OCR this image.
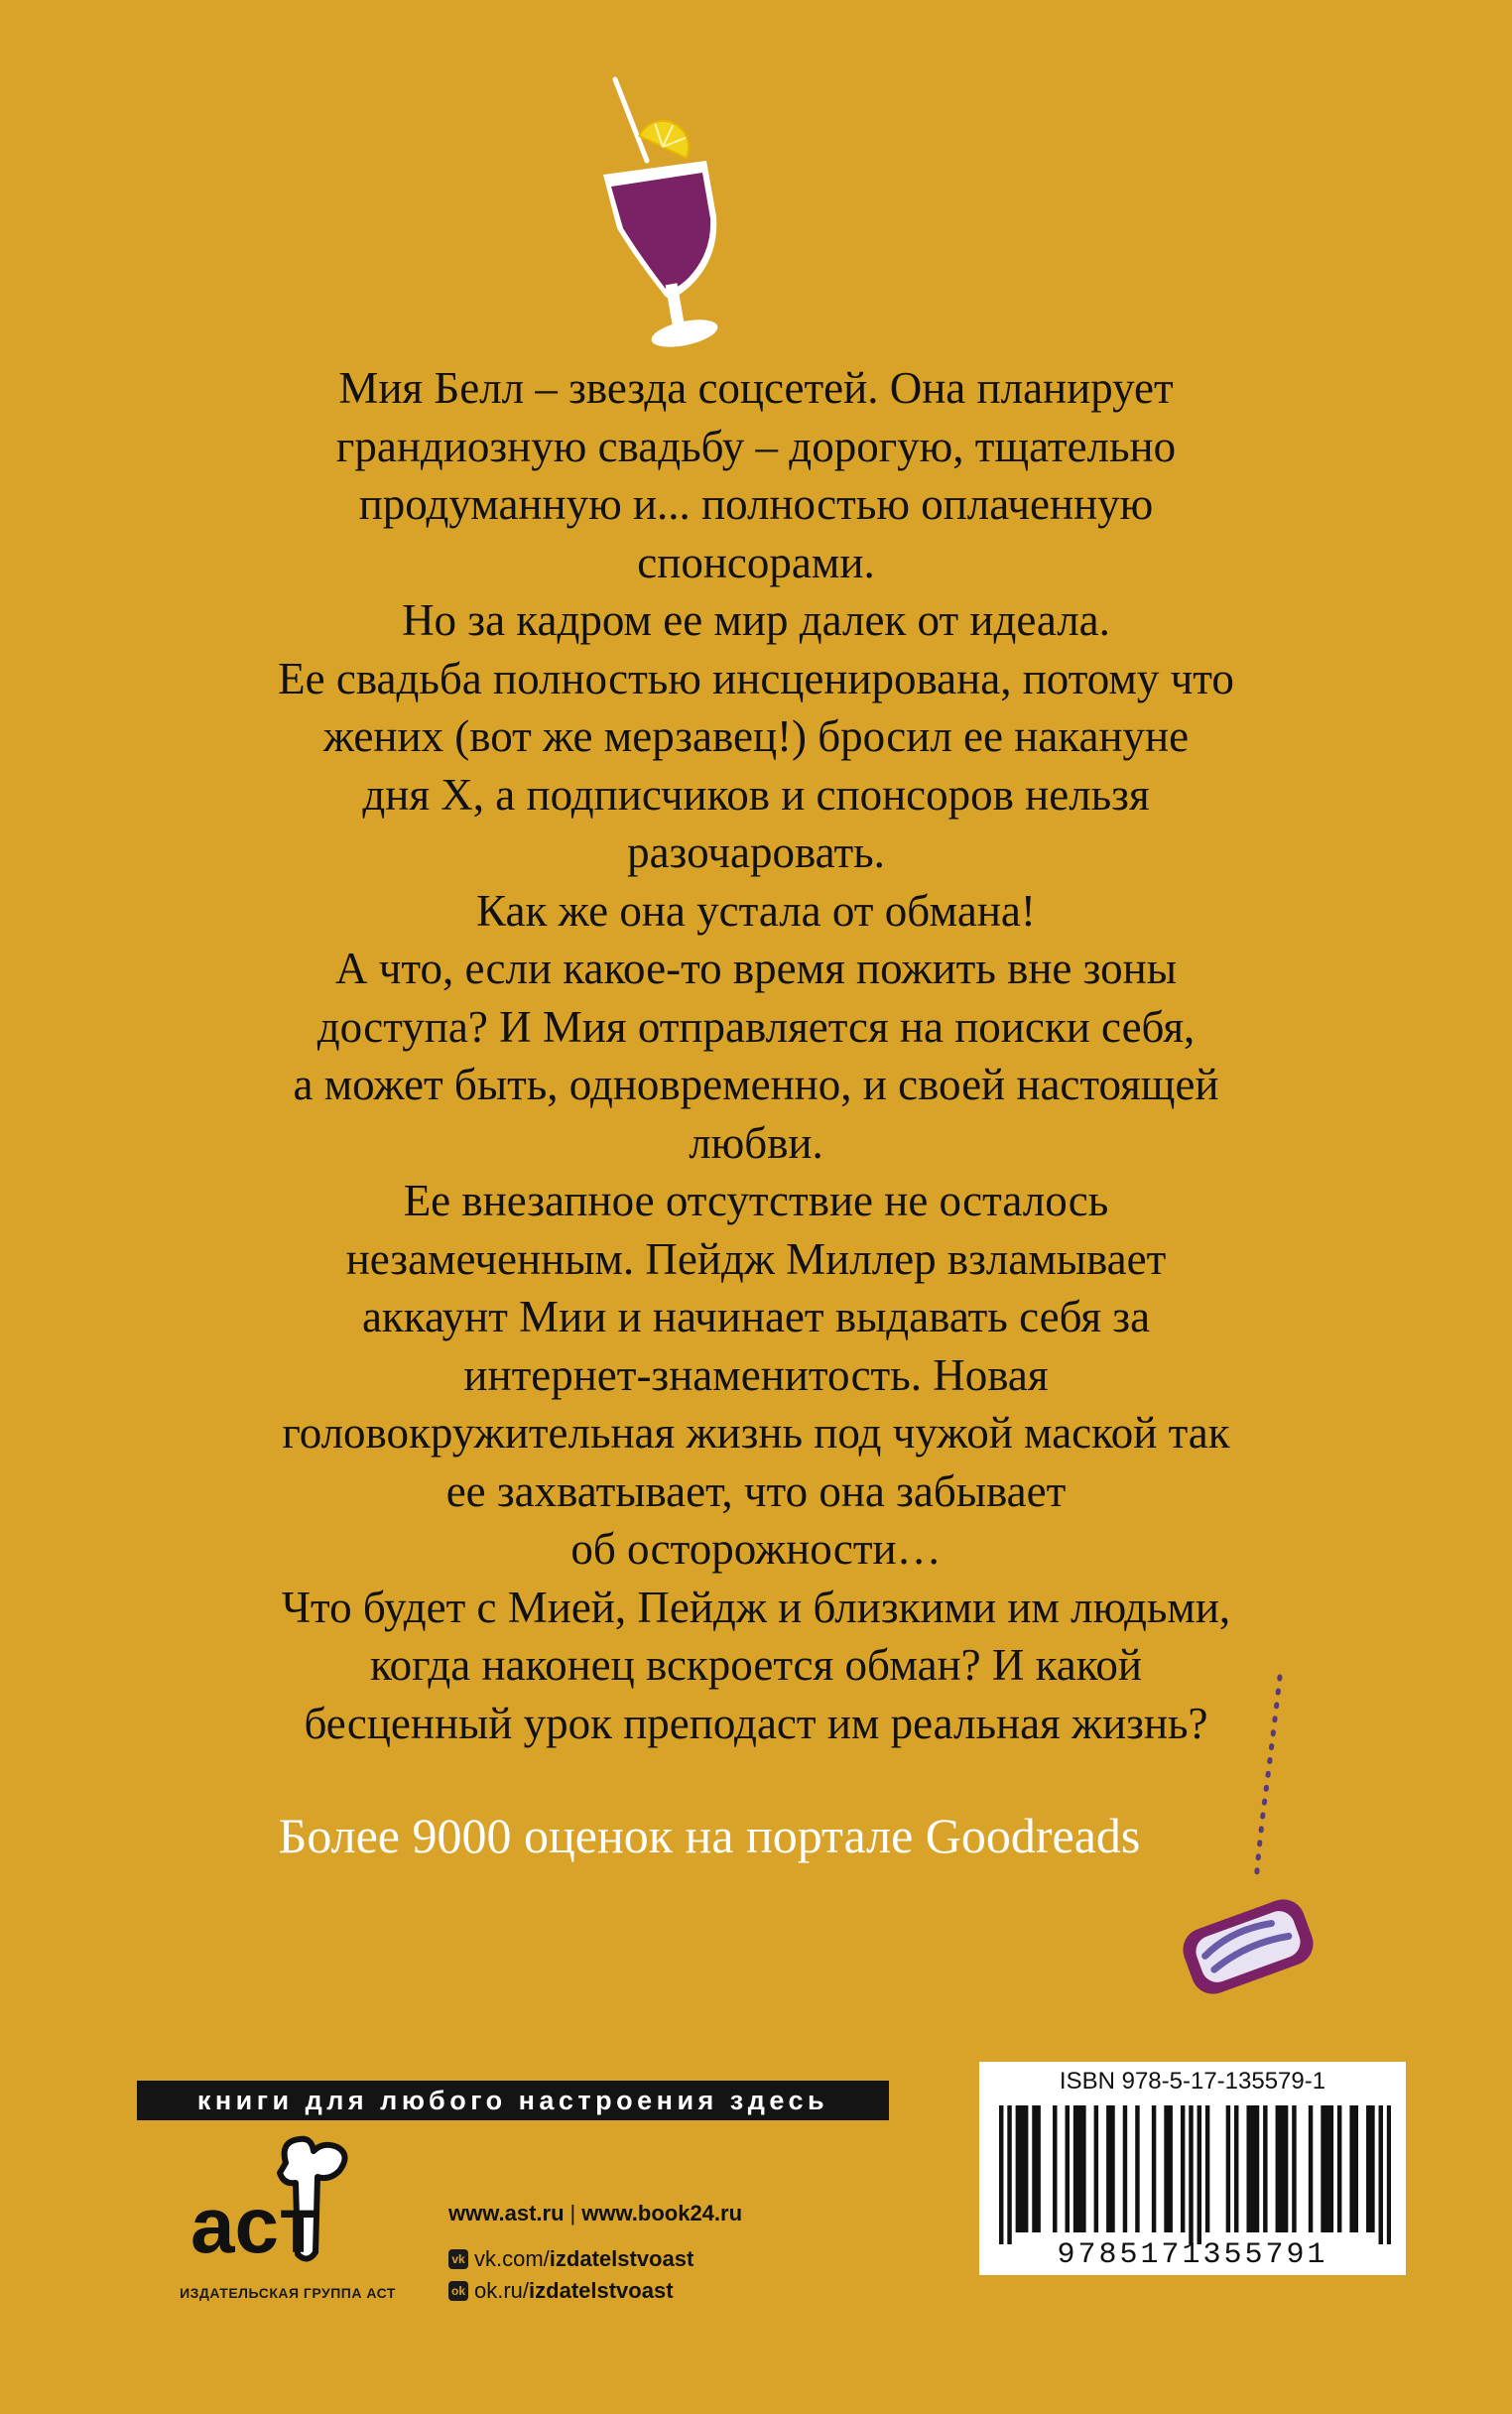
Мия Белл – звезда соцсетей. Она планирует

грандиозную свадьбу – дорогую, тщательно

продуманную и... полностью оплаченную

спонсорами.

Но за кадром ее мир далек от идеала.

Ее свадьба полностью инсценирована, потому что

жених (вот же мерзавец!) бросил ее накануне

дня Х, а подписчиков и спонсоров нельзя

разочаровать.

Как же она устала от обмана!

А что, если какое-то время пожить вне зоны

доступа? И Мия отправляется на поиски себя,

а может быть, одновременно, и своей настоящей

любви.

Ее внезапное отсутствие не осталось

незамеченным. Пейдж Миллер взламывает

аккаунт Мии и начинает выдавать себя за

интернет-знаменитость. Новая

головокружительная жизнь под чужой маской так

ее захватывает, что она забывает

об осторожности…

Что будет с Мией, Пейдж и близкими им людьми,

когда наконец вскроется обман? И какой

бесценный урок преподаст им реальная жизнь?

Более 9000 оценок на портале Goodreads
книги для любого настроения здесь
аст
ИЗДАТЕЛЬСКАЯ ГРУППА АСТ
www.ast.ru | www.book24.ru
vk vk.com/ izdatelstvoast
ok ok.ru/ izdatelstvoast
ISBN 978-5-17-135579-1
9785171355791
